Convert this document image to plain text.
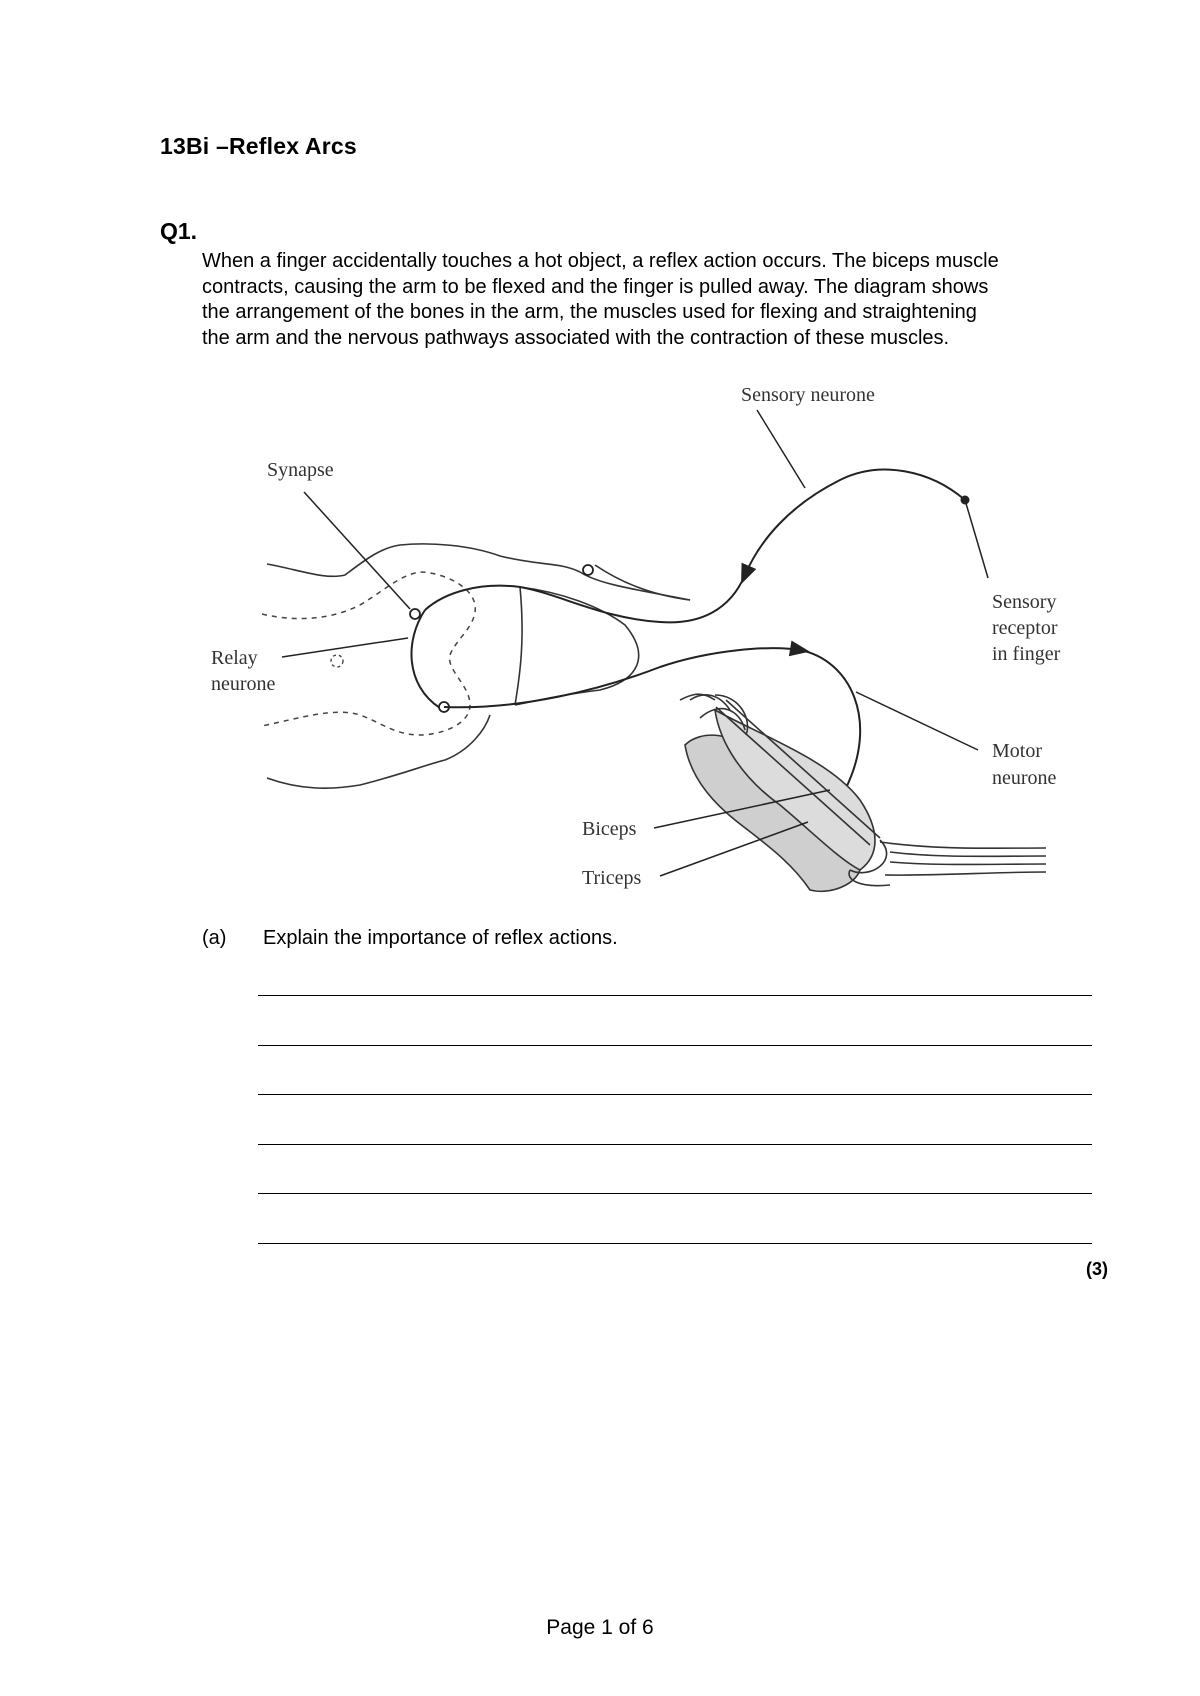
13Bi –Reflex Arcs
Q1.
When a finger accidentally touches a hot object, a reflex action occurs. The biceps muscle
contracts, causing the arm to be flexed and the finger is pulled away. The diagram shows
the arrangement of the bones in the arm, the muscles used for flexing and straightening
the arm and the nervous pathways associated with the contraction of these muscles.
Sensory neurone
Synapse
Sensory
receptor
in finger
Relay
neurone
Motor
neurone
Biceps
Triceps
(a) Explain the importance of reflex actions.
(3)
Page 1 of 6
